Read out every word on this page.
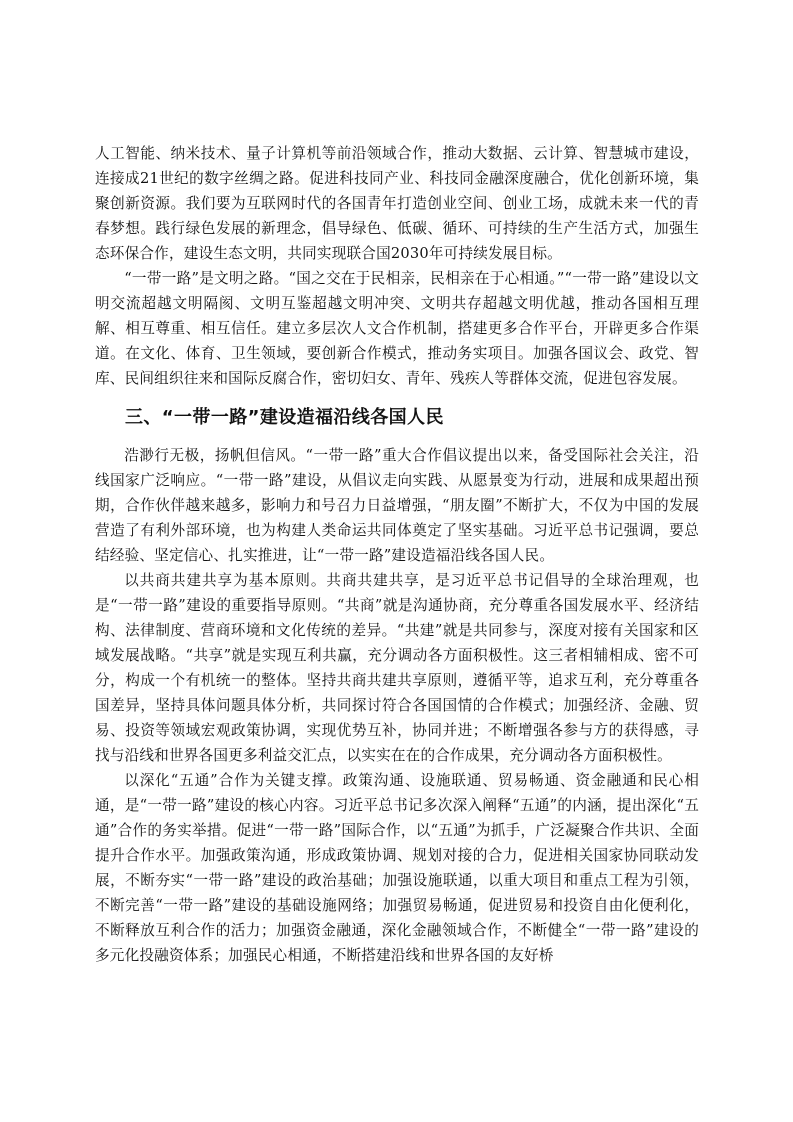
人工智能、纳米技术、量子计算机等前沿领域合作，推动大数据、云计算、智慧城市建设，连接成21世纪的数字丝绸之路。促进科技同产业、科技同金融深度融合，优化创新环境，集聚创新资源。我们要为互联网时代的各国青年打造创业空间、创业工场，成就未来一代的青春梦想。践行绿色发展的新理念，倡导绿色、低碳、循环、可持续的生产生活方式，加强生态环保合作，建设生态文明，共同实现联合国2030年可持续发展目标。

“一带一路”是文明之路。“国之交在于民相亲，民相亲在于心相通。”“一带一路”建设以文明交流超越文明隔阂、文明互鉴超越文明冲突、文明共存超越文明优越，推动各国相互理解、相互尊重、相互信任。建立多层次人文合作机制，搭建更多合作平台，开辟更多合作渠道。在文化、体育、卫生领域，要创新合作模式，推动务实项目。加强各国议会、政党、智库、民间组织往来和国际反腐合作，密切妇女、青年、残疾人等群体交流，促进包容发展。

三、“一带一路”建设造福沿线各国人民

浩渺行无极，扬帆但信风。“一带一路”重大合作倡议提出以来，备受国际社会关注，沿线国家广泛响应。“一带一路”建设，从倡议走向实践、从愿景变为行动，进展和成果超出预期，合作伙伴越来越多，影响力和号召力日益增强，“朋友圈”不断扩大，不仅为中国的发展营造了有利外部环境，也为构建人类命运共同体奠定了坚实基础。习近平总书记强调，要总结经验、坚定信心、扎实推进，让“一带一路”建设造福沿线各国人民。

以共商共建共享为基本原则。共商共建共享，是习近平总书记倡导的全球治理观，也是“一带一路”建设的重要指导原则。“共商”就是沟通协商，充分尊重各国发展水平、经济结构、法律制度、营商环境和文化传统的差异。“共建”就是共同参与，深度对接有关国家和区域发展战略。“共享”就是实现互利共赢，充分调动各方面积极性。这三者相辅相成、密不可分，构成一个有机统一的整体。坚持共商共建共享原则，遵循平等，追求互利，充分尊重各国差异，坚持具体问题具体分析，共同探讨符合各国国情的合作模式；加强经济、金融、贸易、投资等领域宏观政策协调，实现优势互补，协同并进；不断增强各参与方的获得感，寻找与沿线和世界各国更多利益交汇点，以实实在在的合作成果，充分调动各方面积极性。

以深化“五通”合作为关键支撑。政策沟通、设施联通、贸易畅通、资金融通和民心相通，是“一带一路”建设的核心内容。习近平总书记多次深入阐释“五通”的内涵，提出深化“五通”合作的务实举措。促进“一带一路”国际合作，以“五通”为抓手，广泛凝聚合作共识、全面提升合作水平。加强政策沟通，形成政策协调、规划对接的合力，促进相关国家协同联动发展，不断夯实“一带一路”建设的政治基础；加强设施联通，以重大项目和重点工程为引领，不断完善“一带一路”建设的基础设施网络；加强贸易畅通，促进贸易和投资自由化便利化，不断释放互利合作的活力；加强资金融通，深化金融领域合作，不断健全“一带一路”建设的多元化投融资体系；加强民心相通，不断搭建沿线和世界各国的友好桥
